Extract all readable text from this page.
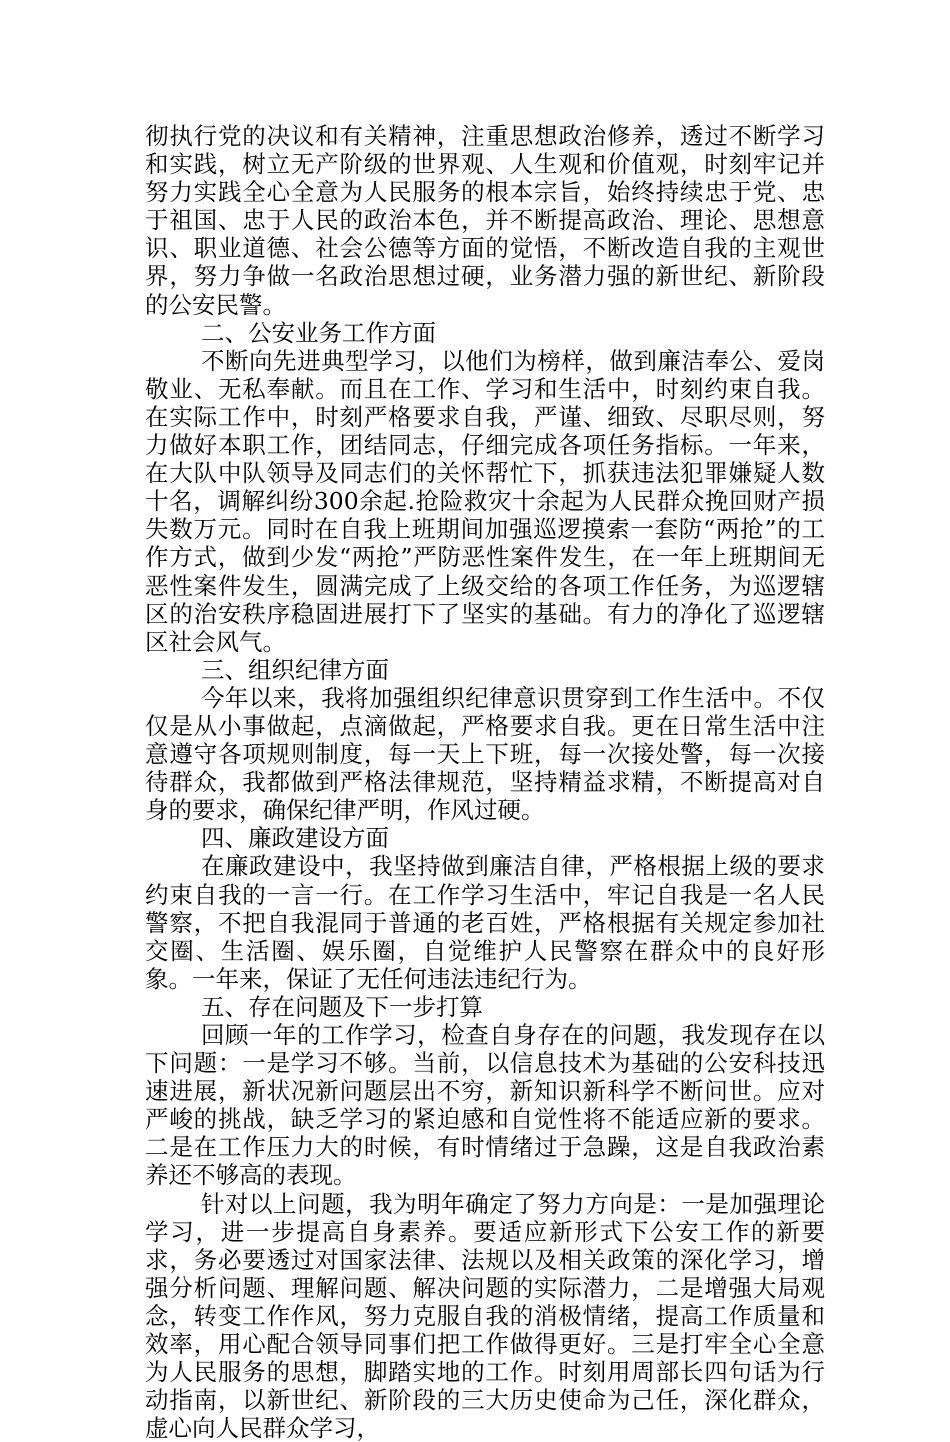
彻执行党的决议和有关精神，注重思想政治修养，透过不断学习和实践，树立无产阶级的世界观、人生观和价值观，时刻牢记并努力实践全心全意为人民服务的根本宗旨，始终持续忠于党、忠于祖国、忠于人民的政治本色，并不断提高政治、理论、思想意识、职业道德、社会公德等方面的觉悟，不断改造自我的主观世界，努力争做一名政治思想过硬，业务潜力强的新世纪、新阶段的公安民警。

二、公安业务工作方面

不断向先进典型学习，以他们为榜样，做到廉洁奉公、爱岗敬业、无私奉献。而且在工作、学习和生活中，时刻约束自我。在实际工作中，时刻严格要求自我，严谨、细致、尽职尽则，努力做好本职工作，团结同志，仔细完成各项任务指标。一年来，在大队中队领导及同志们的关怀帮忙下，抓获违法犯罪嫌疑人数十名，调解纠纷300余起.抢险救灾十余起为人民群众挽回财产损失数万元。同时在自我上班期间加强巡逻摸索一套防“两抢”的工作方式，做到少发“两抢”严防恶性案件发生，在一年上班期间无恶性案件发生，圆满完成了上级交给的各项工作任务，为巡逻辖区的治安秩序稳固进展打下了坚实的基础。有力的净化了巡逻辖区社会风气。

三、组织纪律方面

今年以来，我将加强组织纪律意识贯穿到工作生活中。不仅仅是从小事做起，点滴做起，严格要求自我。更在日常生活中注意遵守各项规则制度，每一天上下班，每一次接处警，每一次接待群众，我都做到严格法律规范，坚持精益求精，不断提高对自身的要求，确保纪律严明，作风过硬。

四、廉政建设方面

在廉政建设中，我坚持做到廉洁自律，严格根据上级的要求约束自我的一言一行。在工作学习生活中，牢记自我是一名人民警察，不把自我混同于普通的老百姓，严格根据有关规定参加社交圈、生活圈、娱乐圈，自觉维护人民警察在群众中的良好形象。一年来，保证了无任何违法违纪行为。

五、存在问题及下一步打算

回顾一年的工作学习，检查自身存在的问题，我发现存在以下问题：一是学习不够。当前，以信息技术为基础的公安科技迅速进展，新状况新问题层出不穷，新知识新科学不断问世。应对严峻的挑战，缺乏学习的紧迫感和自觉性将不能适应新的要求。二是在工作压力大的时候，有时情绪过于急躁，这是自我政治素养还不够高的表现。

针对以上问题，我为明年确定了努力方向是：一是加强理论学习，进一步提高自身素养。要适应新形式下公安工作的新要求，务必要透过对国家法律、法规以及相关政策的深化学习，增强分析问题、理解问题、解决问题的实际潜力，二是增强大局观念，转变工作作风，努力克服自我的消极情绪，提高工作质量和效率，用心配合领导同事们把工作做得更好。三是打牢全心全意为人民服务的思想，脚踏实地的工作。时刻用周部长四句话为行动指南，以新世纪、新阶段的三大历史使命为己任，深化群众，虚心向人民群众学习，
